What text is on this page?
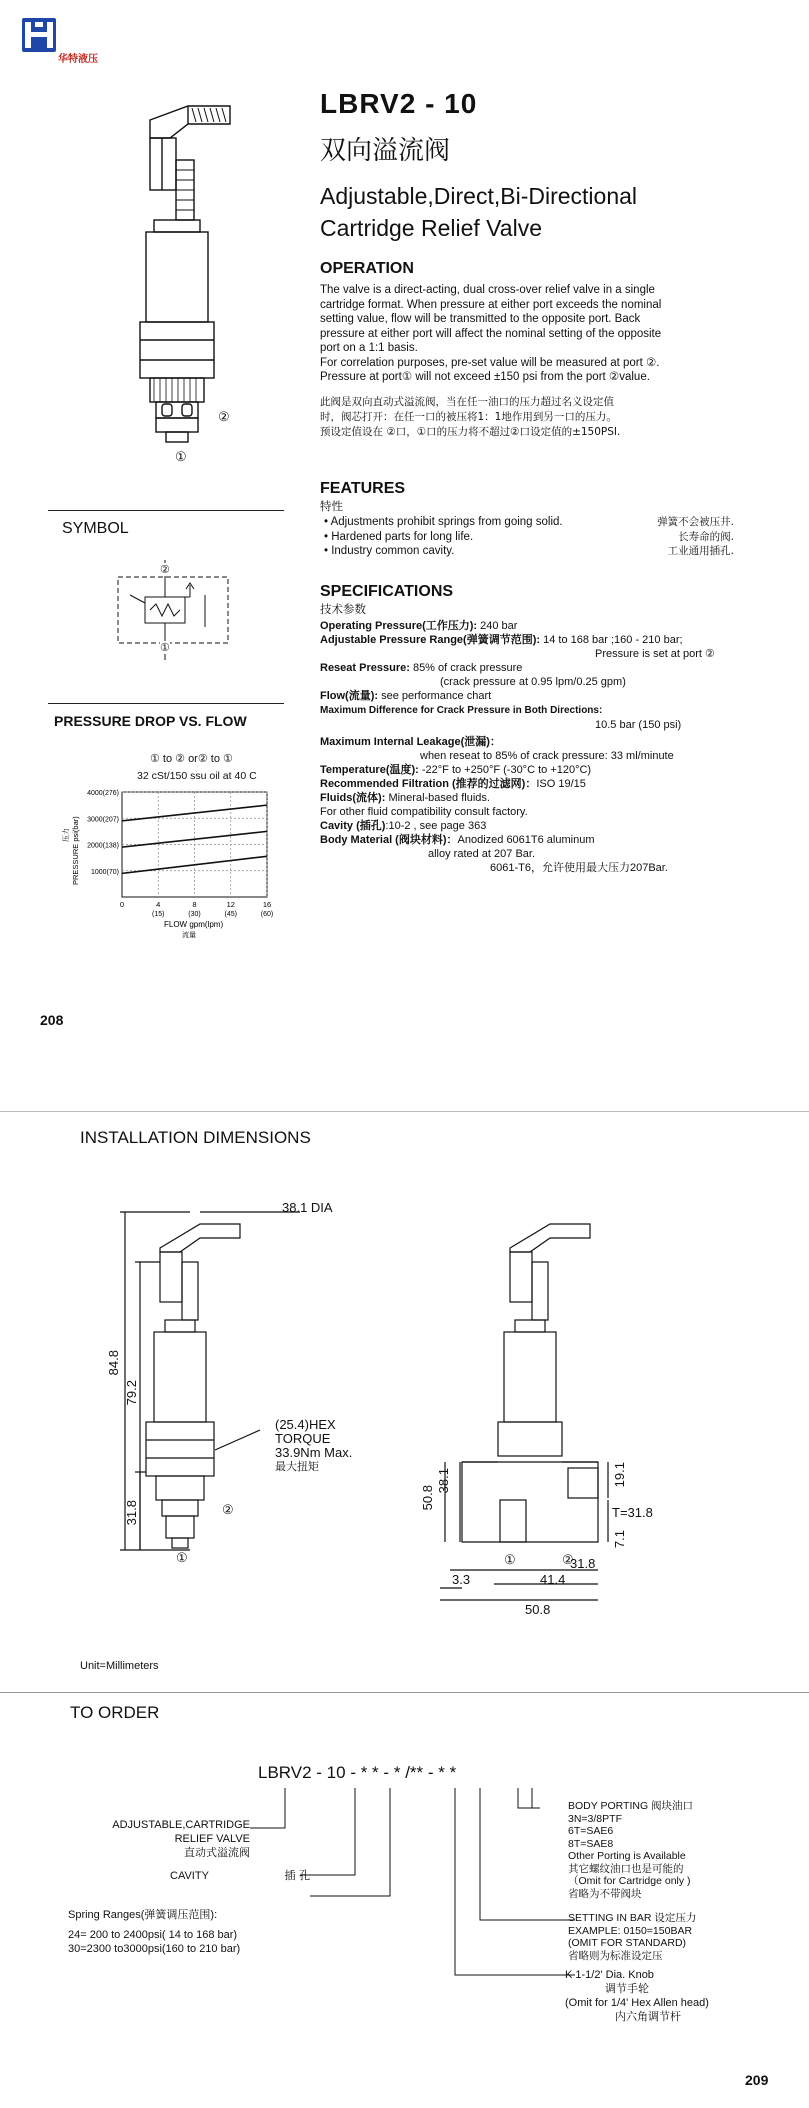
华特液压
LBRV2 - 10
双向溢流阀
Adjustable,Direct,Bi-Directional
Cartridge Relief Valve
②
①
OPERATION
The valve is a direct-acting, dual cross-over relief valve in a single
cartridge format. When pressure at either port exceeds the nominal
setting value, flow will be transmitted to the opposite port. Back
pressure at either port will affect the nominal setting of the opposite
port on a 1:1 basis.
For correlation purposes, pre-set value will be measured at port ②.
Pressure at port① will not exceed ±150 psi from the port ②value.
此阀是双向直动式溢流阀，当在任一油口的压力超过名义设定值
时，阀芯打开：在任一口的被压将1：1地作用到另一口的压力。
预设定值设在 ②口，①口的压力将不超过②口设定值的±150PSI.
FEATURES
特性
• Adjustments prohibit springs from going solid.	弹簧不会被压井.
• Hardened parts for long life.	长寿命的阀.
• Industry common cavity.	工业通用插孔.
SPECIFICATIONS
技术参数
Operating Pressure(工作压力): 240 bar
Adjustable Pressure Range(弹簧调节范围): 14 to 168 bar ;160 - 210 bar;
Pressure is set at port ②
Reseat Pressure: 85% of crack pressure
(crack pressure at 0.95 lpm/0.25 gpm)
Flow(流量): see performance chart
Maximum Difference for Crack Pressure in Both Directions:
10.5 bar (150 psi)
Maximum Internal Leakage(泄漏)：
when reseat to 85% of crack pressure: 33 ml/minute
Temperature(温度): -22°F to +250°F (-30°C to +120°C)
Recommended Filtration (推荐的过滤网)：ISO 19/15
Fluids(流体): Mineral-based fluids.
For other fluid compatibility consult factory.
Cavity (插孔):10-2 , see page 363
Body Material (阀块材料)：Anodized 6061T6 aluminum
alloy rated at 207 Bar.
6061-T6，允许使用最大压力207Bar.
SYMBOL
②
①
PRESSURE DROP VS. FLOW
① to ② or② to ①
32 cSt/150 ssu oil at 40 C
1000(70)
2000(138)
3000(207)
4000(276)
0	4
(15)
8
(30)
12
(45)
16
(60)
FLOW gpm(lpm)
流量
PRESSURE psi(bar)
压力
208
INSTALLATION DIMENSIONS
38.1 DIA
84.8
79.2
31.8
(25.4)HEX
TORQUE
33.9Nm Max.
最大扭矩
②
①
50.8
38.1	19.1
T=31.8
7.1
①	②
31.8
41.4
3.3
50.8
Unit=Millimeters
TO ORDER
LBRV2 - 10 - * * - * /** - * *
ADJUSTABLE,CARTRIDGE
RELIEF VALVE
直动式溢流阀
CAVITY	插 孔
Spring Ranges(弹簧调压范围):
24= 200 to 2400psi( 14 to 168 bar)
30=2300 to3000psi(160 to 210 bar)
BODY PORTING 阀块油口
3N=3/8PTF
6T=SAE6
8T=SAE8
Other Porting is Available
其它螺纹油口也是可能的
（Omit for Cartridge only )
省略为不带阀块
SETTING IN BAR 设定压力
EXAMPLE: 0150=150BAR
(OMIT FOR STANDARD)
省略则为标准设定压
K 1-1/2' Dia. Knob
调节手轮
(Omit for 1/4' Hex Allen head)
内六角调节杆
209
